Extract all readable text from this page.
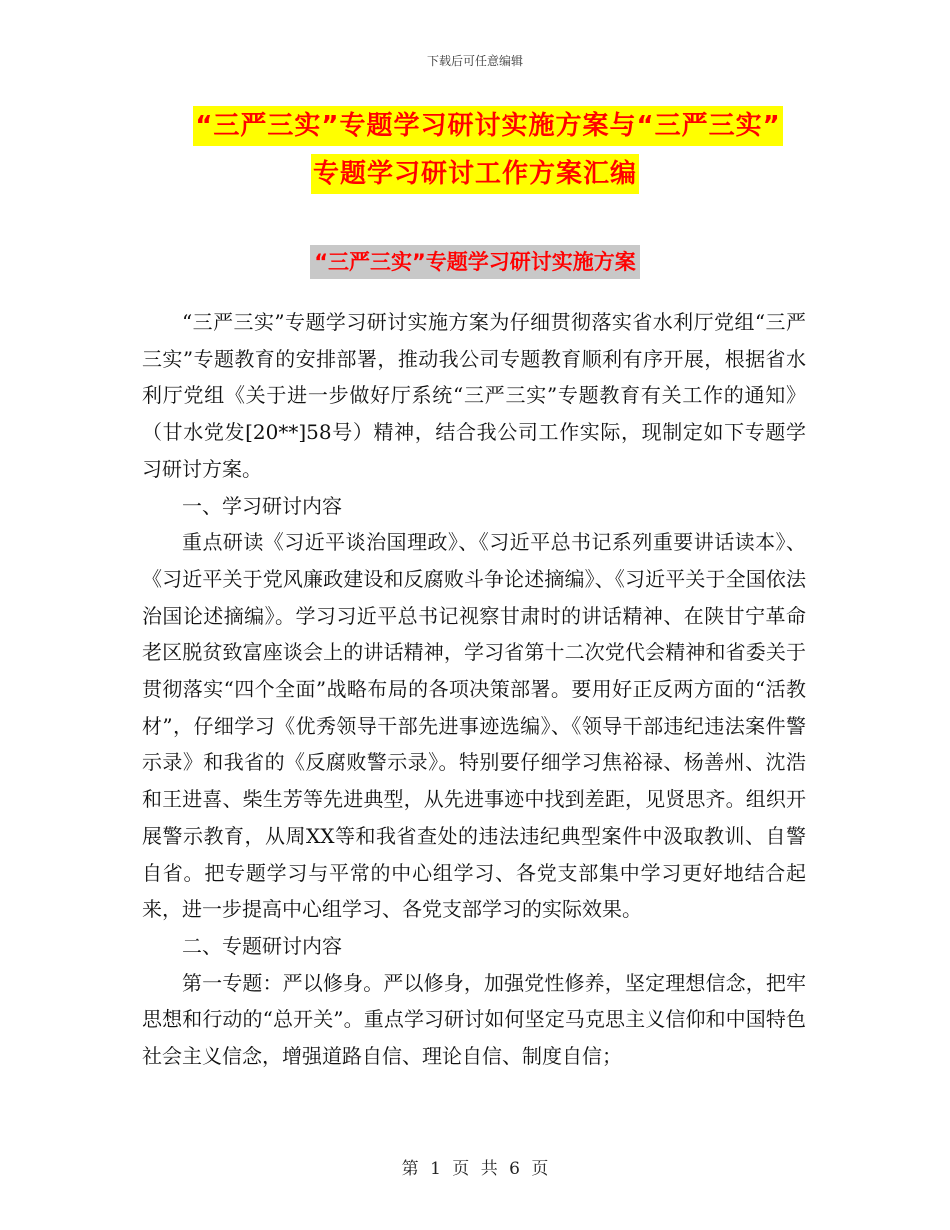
下载后可任意编辑
“三严三实”专题学习研讨实施方案与“三严三实”
专题学习研讨工作方案汇编
“三严三实”专题学习研讨实施方案

“三严三实”专题学习研讨实施方案为仔细贯彻落实省水利厅党组“三严三实”专题教育的安排部署，推动我公司专题教育顺利有序开展，根据省水利厅党组《关于进一步做好厅系统“三严三实”专题教育有关工作的通知》（甘水党发[20**]58号）精神，结合我公司工作实际，现制定如下专题学习研讨方案。

一、学习研讨内容

重点研读《习近平谈治国理政》、《习近平总书记系列重要讲话读本》、《习近平关于党风廉政建设和反腐败斗争论述摘编》、《习近平关于全国依法治国论述摘编》。学习习近平总书记视察甘肃时的讲话精神、在陕甘宁革命老区脱贫致富座谈会上的讲话精神，学习省第十二次党代会精神和省委关于贯彻落实“四个全面”战略布局的各项决策部署。要用好正反两方面的“活教材”，仔细学习《优秀领导干部先进事迹选编》、《领导干部违纪违法案件警示录》和我省的《反腐败警示录》。特别要仔细学习焦裕禄、杨善州、沈浩和王进喜、柴生芳等先进典型，从先进事迹中找到差距，见贤思齐。组织开展警示教育，从周XX等和我省查处的违法违纪典型案件中汲取教训、自警自省。把专题学习与平常的中心组学习、各党支部集中学习更好地结合起来，进一步提高中心组学习、各党支部学习的实际效果。

二、专题研讨内容

第一专题：严以修身。严以修身，加强党性修养，坚定理想信念，把牢思想和行动的“总开关”。重点学习研讨如何坚定马克思主义信仰和中国特色社会主义信念，增强道路自信、理论自信、制度自信；

第 1 页 共 6 页
